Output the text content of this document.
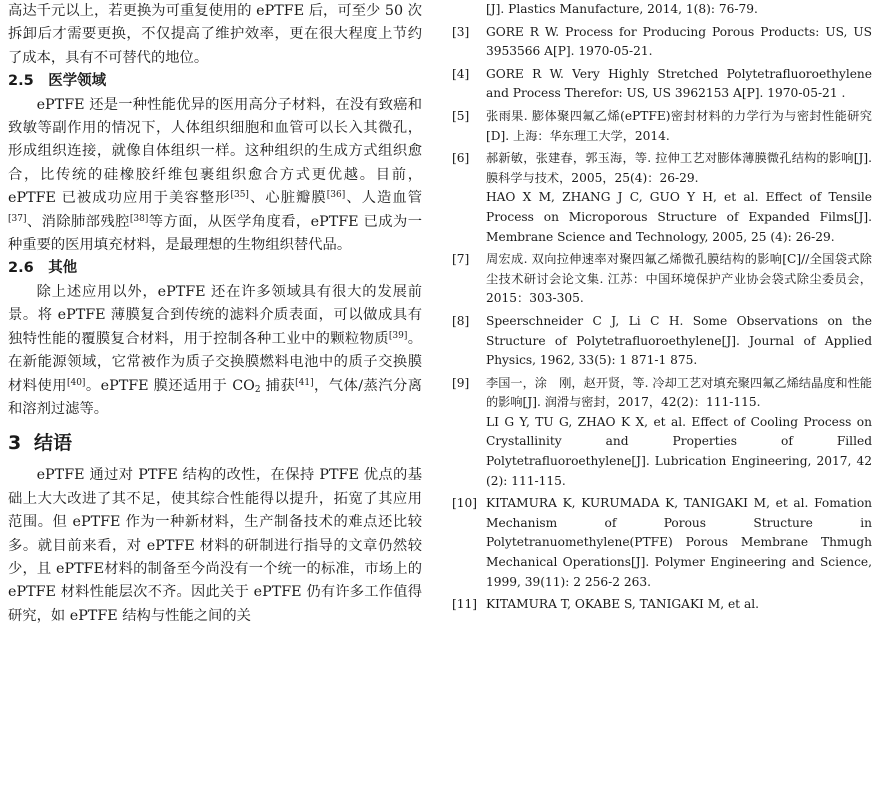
高达千元以上，若更换为可重复使用的 ePTFE 后，可至少 50 次拆卸后才需要更换，不仅提高了维护效率，更在很大程度上节约了成本，具有不可替代的地位。

2.5　 医学领域

ePTFE 还是一种性能优异的医用高分子材料，在没有致癌和致敏等副作用的情况下，人体组织细胞和血管可以长入其微孔，形成组织连接，就像自体组织一样。这种组织的生成方式组织愈合，比传统的硅橡胶纤维包裹组织愈合方式更优越。目前，ePTFE 已被成功应用于美容整形[35]、心脏瓣膜[36]、人造血管[37]、消除肺部残腔[38]等方面，从医学角度看，ePTFE 已成为一种重要的医用填充材料，是最理想的生物组织替代品。

2.6　 其他

除上述应用以外，ePTFE 还在许多领域具有很大的发展前景。将 ePTFE 薄膜复合到传统的滤料介质表面，可以做成具有独特性能的覆膜复合材料，用于控制各种工业中的颗粒物质[39]。在新能源领域，它常被作为质子交换膜燃料电池中的质子交换膜材料使用[40]。ePTFE 膜还适用于 $CO_2$ 捕获[41]，气体/蒸汽分离和溶剂过滤等。

3 结语

ePTFE 通过对 PTFE 结构的改性，在保持 PTFE 优点的基础上大大改进了其不足，使其综合性能得以提升，拓宽了其应用范围。但 ePTFE 作为一种新材料，生产制备技术的难点还比较多。就目前来看，对 ePTFE 材料的研制进行指导的文章仍然较少，且 ePTFE材料的制备至今尚没有一个统一的标准，市场上的 ePTFE 材料性能层次不齐。因此关于 ePTFE 仍有许多工作值得研究，如 ePTFE 结构与性能之间的关

[J]. Plastics Manufacture, 2014, 1(8): 76-79.

[3] GORE R W. Process for Producing Porous Products: US, US 3953566 A[P]. 1970-05-21.

[4] GORE R W. Very Highly Stretched Polytetrafluoroethylene and Process Therefor: US, US 3962153 A[P]. 1970-05-21 .

[5] 张雨果. 膨体聚四氟乙烯(ePTFE)密封材料的力学行为与密封性能研究[D]. 上海：华东理工大学，2014.

[6] 郝新敏，张建春，郭玉海，等. 拉伸工艺对膨体薄膜微孔结构的影响[J]. 膜科学与技术，2005，25(4)：26-29.
HAO X M, ZHANG J C, GUO Y H, et al. Effect of Tensile Process on Microporous Structure of Expanded Films[J]. Membrane Science and Technology, 2005, 25 (4): 26-29.

[7] 周宏成. 双向拉伸速率对聚四氟乙烯微孔膜结构的影响[C]//全国袋式除尘技术研讨会论文集. 江苏：中国环境保护产业协会袋式除尘委员会，2015：303-305.

[8] Speerschneider C J, Li C H. Some Observations on the Structure of Polytetrafluoroethylene[J]. Journal of Applied Physics, 1962, 33(5): 1 871-1 875.

[9] 李国一，涂　刚，赵开贤，等. 冷却工艺对填充聚四氟乙烯结晶度和性能的影响[J]. 润滑与密封，2017，42(2)：111-115.
LI G Y, TU G, ZHAO K X, et al. Effect of Cooling Process on Crystallinity and Properties of Filled Polytetrafluoroethylene[J]. Lubrication Engineering, 2017, 42 (2): 111-115.

[10] KITAMURA K, KURUMADA K, TANIGAKI M, et al. Fomation Mechanism of Porous Structure in Polytetranuomethylene(PTFE) Porous Membrane Thmugh Mechanical Operations[J]. Polymer Engineering and Science, 1999, 39(11): 2 256-2 263.

[11] KITAMURA T, OKABE S, TANIGAKI M, et al.
